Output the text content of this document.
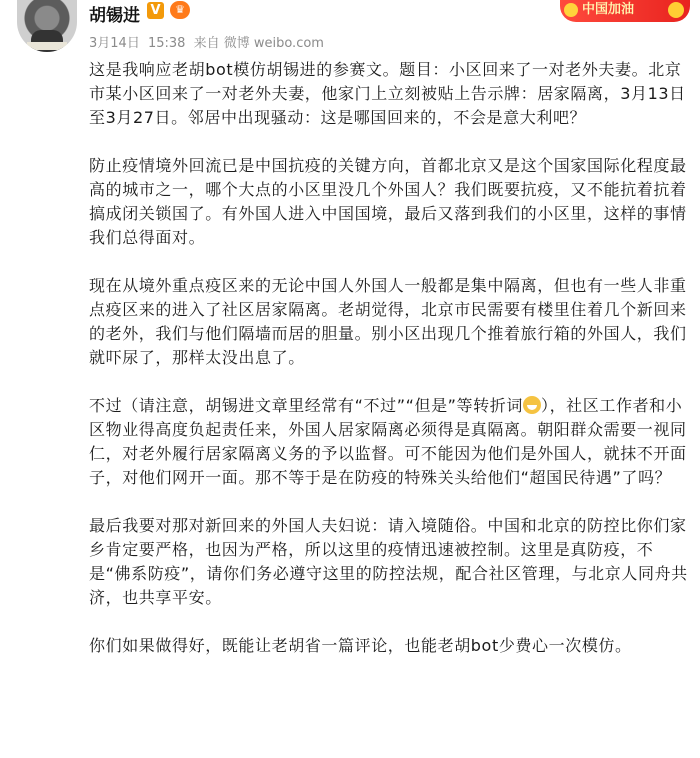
胡锡进 V	♛
3月14日 15:38 来自 微博 weibo.com
中国加油

这是我响应老胡bot模仿胡锡进的参赛文。题目：小区回来了一对老外夫妻。北京市某小区回来了一对老外夫妻，他家门上立刻被贴上告示牌：居家隔离，3月13日至3月27日。邻居中出现骚动：这是哪国回来的，不会是意大利吧？

防止疫情境外回流已是中国抗疫的关键方向，首都北京又是这个国家国际化程度最高的城市之一，哪个大点的小区里没几个外国人？我们既要抗疫，又不能抗着抗着搞成闭关锁国了。有外国人进入中国国境，最后又落到我们的小区里，这样的事情我们总得面对。

现在从境外重点疫区来的无论中国人外国人一般都是集中隔离，但也有一些人非重点疫区来的进入了社区居家隔离。老胡觉得，北京市民需要有楼里住着几个新回来的老外，我们与他们隔墙而居的胆量。别小区出现几个推着旅行箱的外国人，我们就吓尿了，那样太没出息了。

不过（请注意，胡锡进文章里经常有“不过”“但是”等转折词 ），社区工作者和小区物业得高度负起责任来，外国人居家隔离必须得是真隔离。朝阳群众需要一视同仁，对老外履行居家隔离义务的予以监督。可不能因为他们是外国人，就抹不开面子，对他们网开一面。那不等于是在防疫的特殊关头给他们“超国民待遇”了吗？

最后我要对那对新回来的外国人夫妇说：请入境随俗。中国和北京的防控比你们家乡肯定要严格，也因为严格，所以这里的疫情迅速被控制。这里是真防疫，不是“佛系防疫”，请你们务必遵守这里的防控法规，配合社区管理，与北京人同舟共济，也共享平安。

你们如果做得好，既能让老胡省一篇评论，也能老胡bot少费心一次模仿。
